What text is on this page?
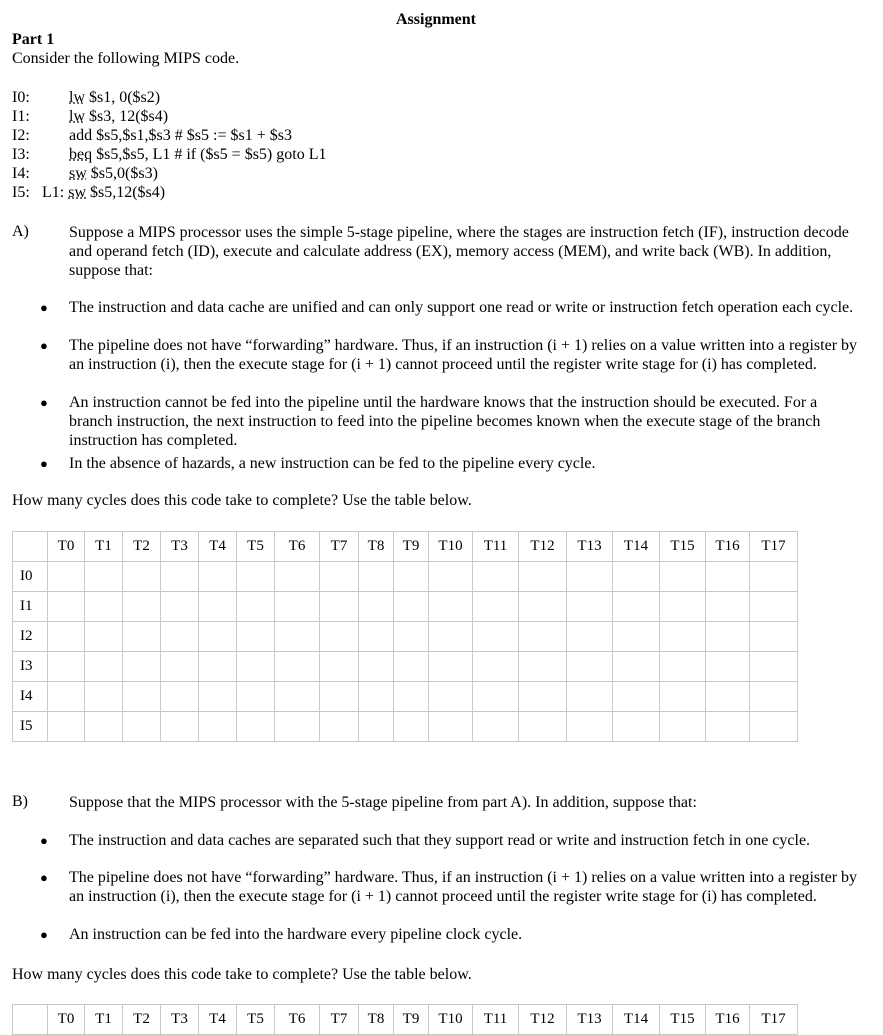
Assignment
Part 1
Consider the following MIPS code.
I0:	lw $s1, 0($s2)
I1:	lw $s3, 12($s4)
I2:	add $s5,$s1,$s3 # $s5 := $s1 + $s3
I3:	beq $s5,$s5, L1 # if ($s5 = $s5) goto L1
I4:	sw $s5,0($s3)
I5: L1: sw $s5,12($s4)
A)	Suppose a MIPS processor uses the simple 5-stage pipeline, where the stages are instruction fetch (IF), instruction decode and operand fetch (ID), execute and calculate address (EX), memory access (MEM), and write back (WB). In addition, suppose that:
● The instruction and data cache are unified and can only support one read or write or instruction fetch operation each cycle.
● The pipeline does not have “forwarding” hardware. Thus, if an instruction (i + 1) relies on a value written into a register by an instruction (i), then the execute stage for (i + 1) cannot proceed until the register write stage for (i) has completed.
● An instruction cannot be fed into the pipeline until the hardware knows that the instruction should be executed. For a branch instruction, the next instruction to feed into the pipeline becomes known when the execute stage of the branch instruction has completed.
● In the absence of hazards, a new instruction can be fed to the pipeline every cycle.
How many cycles does this code take to complete? Use the table below.
	T0	T1	T2	T3	T4	T5	T6	T7	T8	T9	T10	T11	T12	T13	T14	T15	T16	T17
I0																		
I1																		
I2																		
I3																		
I4																		
I5																		
B)	Suppose that the MIPS processor with the 5-stage pipeline from part A). In addition, suppose that:
● The instruction and data caches are separated such that they support read or write and instruction fetch in one cycle.
● The pipeline does not have “forwarding” hardware. Thus, if an instruction (i + 1) relies on a value written into a register by an instruction (i), then the execute stage for (i + 1) cannot proceed until the register write stage for (i) has completed.
● An instruction can be fed into the hardware every pipeline clock cycle.
How many cycles does this code take to complete? Use the table below.
	T0	T1	T2	T3	T4	T5	T6	T7	T8	T9	T10	T11	T12	T13	T14	T15	T16	T17
